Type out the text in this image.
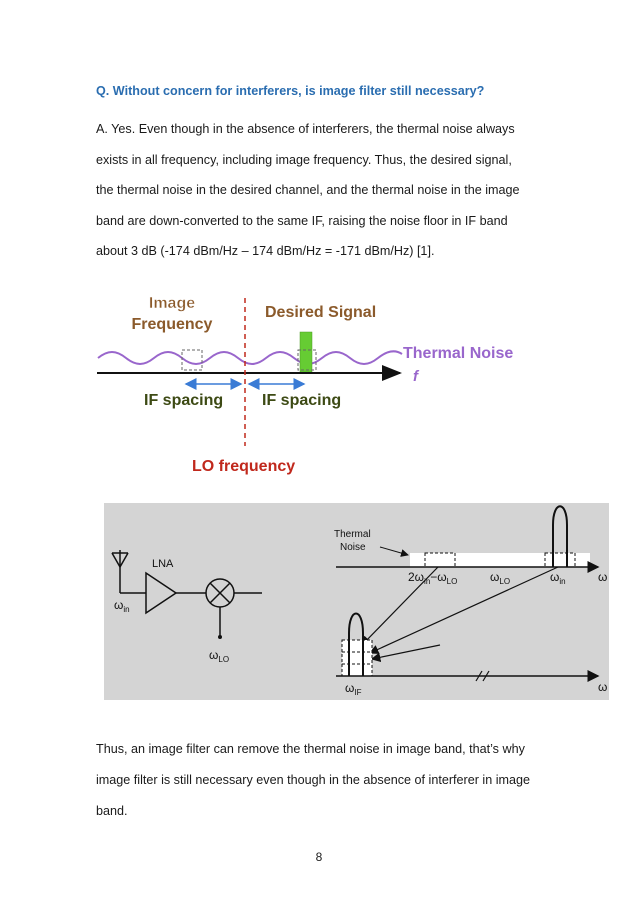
Q. Without concern for interferers, is image filter still necessary?
A. Yes. Even though in the absence of interferers, the thermal noise always
exists in all frequency, including image frequency. Thus, the desired signal,
the thermal noise in the desired channel, and the thermal noise in the image
band are down-converted to the same IF, raising the noise floor in IF band
about 3 dB (-174 dBm/Hz – 174 dBm/Hz = -171 dBm/Hz) [1].
Image
Frequency
Desired Signal
Thermal Noise
f
IF spacing IF spacing
LO frequency
$\omega_{in}$
LNA
$\omega_{LO}$
Thermal
Noise
ω
$2\omega_{in}-\omega_{LO}$	$\omega_{LO}$	$\omega_{in}$
$\omega_{IF}$	ω
Thus, an image filter can remove the thermal noise in image band, that’s why
image filter is still necessary even though in the absence of interferer in image
band.
8
